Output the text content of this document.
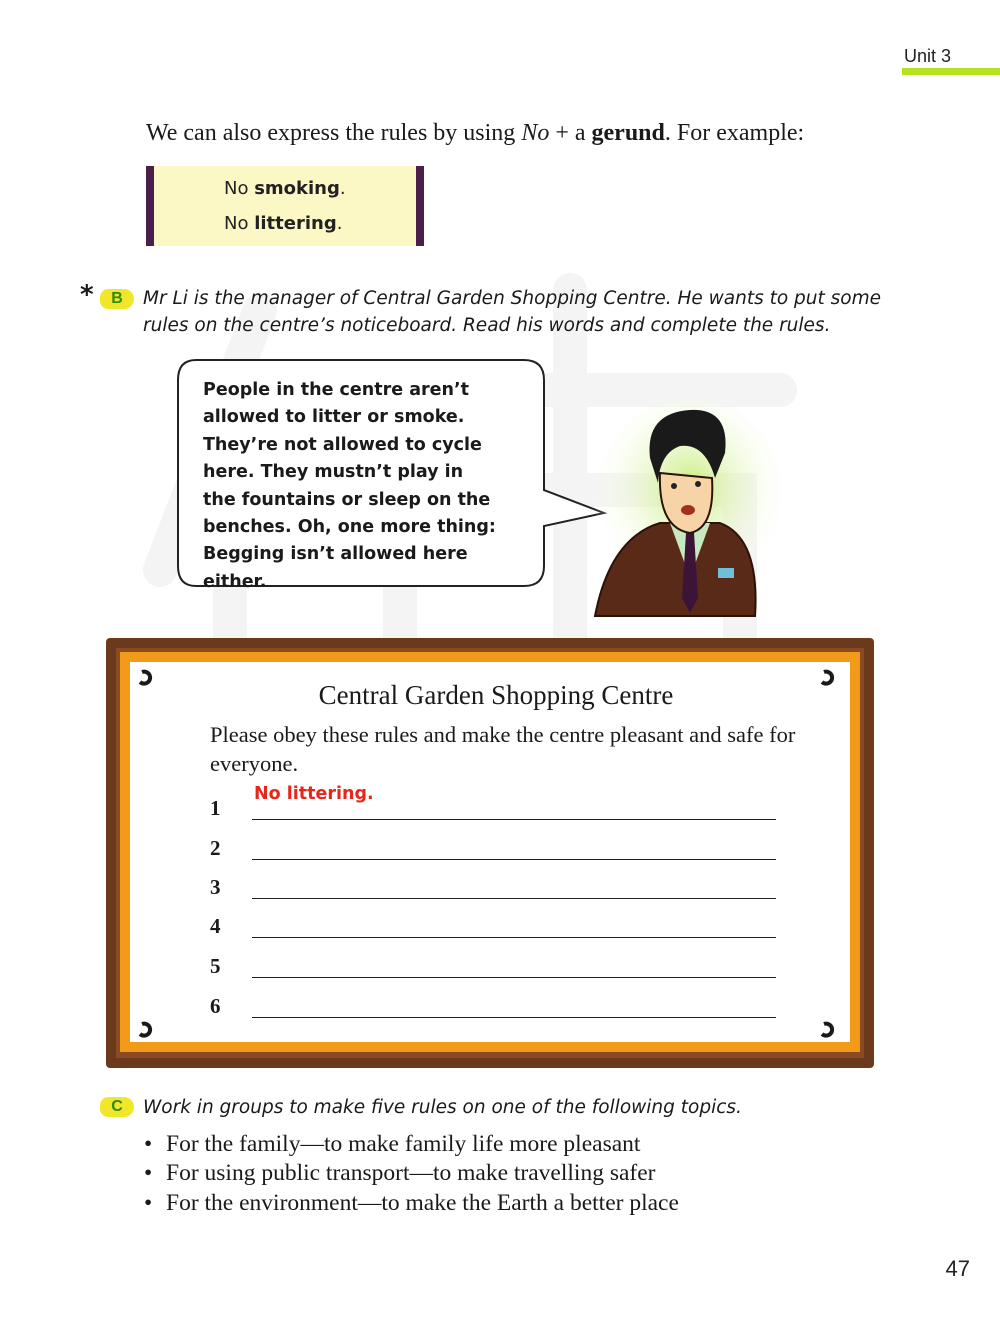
Unit 3
We can also express the rules by using No + a gerund. For example:
No smoking.
No littering.
*	B	Mr Li is the manager of Central Garden Shopping Centre. He wants to put some rules on the centre’s noticeboard. Read his words and complete the rules.
People in the centre aren’t
allowed to litter or smoke.
They’re not allowed to cycle
here. They mustn’t play in
the fountains or sleep on the
benches. Oh, one more thing:
Begging isn’t allowed here either.
Central Garden Shopping Centre
Please obey these rules and make the centre pleasant and safe for everyone.
1
No littering.
2
3
4
5
6
C	Work in groups to make five rules on one of the following topics.
• For the family—to make family life more pleasant
• For using public transport—to make travelling safer
• For the environment—to make the Earth a better place
47
